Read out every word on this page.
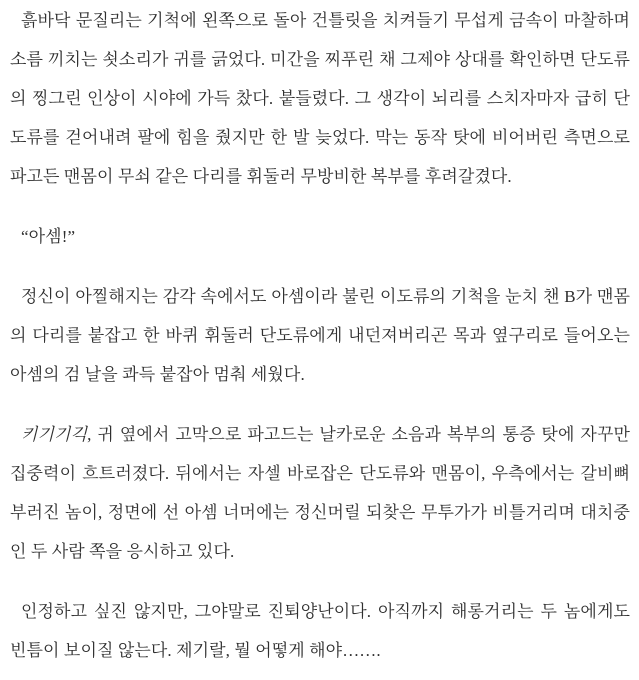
흙바닥 문질리는 기척에 왼쪽으로 돌아 건틀릿을 치켜들기 무섭게 금속이 마찰하며 소름 끼치는 쇳소리가 귀를 긁었다. 미간을 찌푸린 채 그제야 상대를 확인하면 단도류의 찡그린 인상이 시야에 가득 찼다. 붙들렸다. 그 생각이 뇌리를 스치자마자 급히 단도류를 걷어내려 팔에 힘을 줬지만 한 발 늦었다. 막는 동작 탓에 비어버린 측면으로 파고든 맨몸이 무쇠 같은 다리를 휘둘러 무방비한 복부를 후려갈겼다.

“아셈!”

정신이 아찔해지는 감각 속에서도 아셈이라 불린 이도류의 기척을 눈치 챈 B가 맨몸의 다리를 붙잡고 한 바퀴 휘둘러 단도류에게 내던져버리곤 목과 옆구리로 들어오는 아셈의 검 날을 콰득 붙잡아 멈춰 세웠다.

키기기긱, 귀 옆에서 고막으로 파고드는 날카로운 소음과 복부의 통증 탓에 자꾸만 집중력이 흐트러졌다. 뒤에서는 자셀 바로잡은 단도류와 맨몸이, 우측에서는 갈비뼈 부러진 놈이, 정면에 선 아셈 너머에는 정신머릴 되찾은 무투가가 비틀거리며 대치중인 두 사람 쪽을 응시하고 있다.

인정하고 싶진 않지만, 그야말로 진퇴양난이다. 아직까지 해롱거리는 두 놈에게도 빈틈이 보이질 않는다. 제기랄, 뭘 어떻게 해야…….
